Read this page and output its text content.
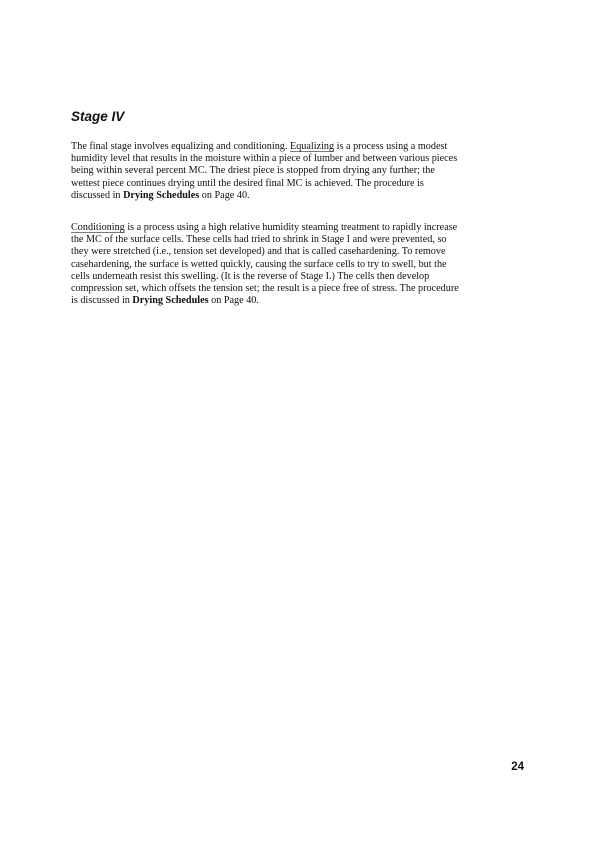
Stage IV

The final stage involves equalizing and conditioning. Equalizing is a process using a modest
humidity level that results in the moisture within a piece of lumber and between various pieces
being within several percent MC. The driest piece is stopped from drying any further; the
wettest piece continues drying until the desired final MC is achieved. The procedure is
discussed in Drying Schedules on Page 40.

Conditioning is a process using a high relative humidity steaming treatment to rapidly increase
the MC of the surface cells. These cells had tried to shrink in Stage I and were prevented, so
they were stretched (i.e., tension set developed) and that is called casehardening. To remove
casehardening, the surface is wetted quickly, causing the surface cells to try to swell, but the
cells underneath resist this swelling. (It is the reverse of Stage I.) The cells then develop
compression set, which offsets the tension set; the result is a piece free of stress. The procedure
is discussed in Drying Schedules on Page 40.

24
